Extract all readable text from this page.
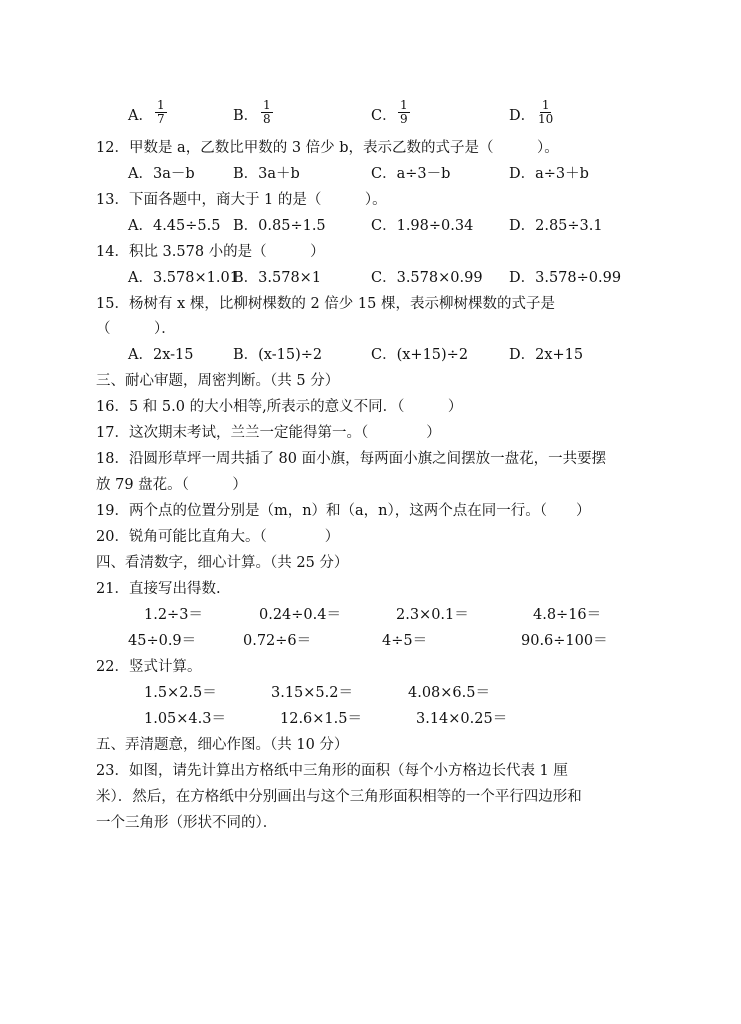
A． $\frac{1}{7}$	B． $\frac{1}{8}$	C． $\frac{1}{9}$	D． $\frac{1}{10}$
12．甲数是 a，乙数比甲数的 3 倍少 b，表示乙数的式子是（　　　）。
A．3a－b	B．3a＋b	C．a÷3－b	D．a÷3＋b
13．下面各题中，商大于 1 的是（　　　）。
A．4.45÷5.5 B．0.85÷1.5	C．1.98÷0.34 D．2.85÷3.1
14．积比 3.578 小的是（　　　）
A．3.578×1.01
B．3.578×1	C．3.578×0.99 D．3.578÷0.99
15．杨树有 x 棵，比柳树棵数的 2 倍少 15 棵，表示柳树棵数的式子是
（　　　）．
A．2x-15	B．(x-15)÷2	C．(x+15)÷2	D．2x+15
三、耐心审题，周密判断。（共 5 分）
16．5 和 5.0 的大小相等,所表示的意义不同．（　　　）
17．这次期末考试，兰兰一定能得第一。（　　　　）
18．沿圆形草坪一周共插了 80 面小旗，每两面小旗之间摆放一盘花，一共要摆
放 79 盘花。（　　　）
19．两个点的位置分别是（m，n）和（a，n），这两个点在同一行。（　　）
20．锐角可能比直角大。（　　　　）
四、看清数字，细心计算。（共 25 分）
21．直接写出得数.
1.2÷3＝	0.24÷0.4＝	2.3×0.1＝	4.8÷16＝
45÷0.9＝	0.72÷6＝	4÷5＝	90.6÷100＝
22．竖式计算。
1.5×2.5＝	3.15×5.2＝	4.08×6.5＝
1.05×4.3＝	12.6×1.5＝	3.14×0.25＝
五、弄清题意，细心作图。（共 10 分）
23．如图，请先计算出方格纸中三角形的面积（每个小方格边长代表 1 厘
米）．然后，在方格纸中分别画出与这个三角形面积相等的一个平行四边形和
一个三角形（形状不同的）．
